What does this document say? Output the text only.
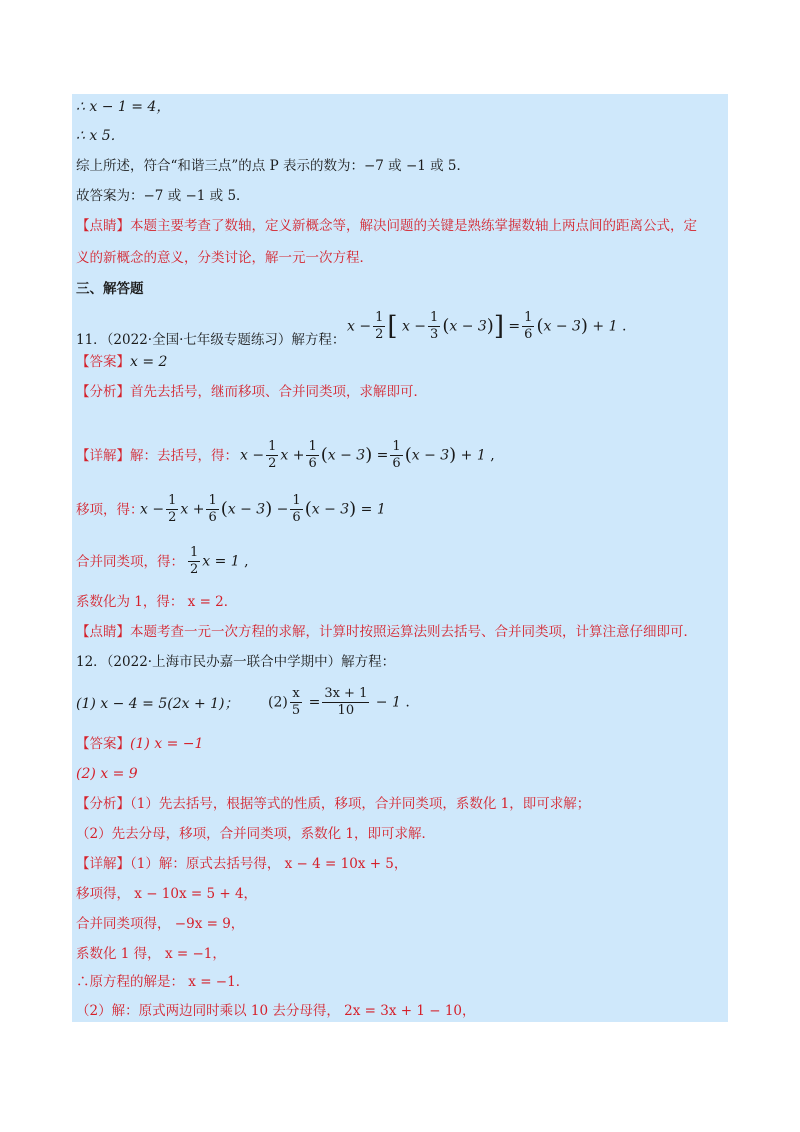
∴ x − 1 = 4，
∴ x 5．
综上所述，符合“和谐三点”的点 P 表示的数为：−7 或 −1 或 5．
故答案为：−7 或 −1 或 5．
【点睛】本题主要考查了数轴，定义新概念等，解决问题的关键是熟练掌握数轴上两点间的距离公式，定
义的新概念的意义，分类讨论，解一元一次方程．
三、解答题
11．（2022·全国·七年级专题练习）解方程：
$x - \frac{1}{2}$ [ $x - \frac{1}{3} (x - 3)] = \frac{1}{6} (x - 3) + 1$ .
【答案】x = 2
【分析】首先去括号，继而移项、合并同类项，求解即可．
【详解】解：去括号，得： $x - \frac{1}{2}$ $x + \frac{1}{6} (x - 3) = \frac{1}{6} (x - 3) + 1$ ,
移项，得：
$x - \frac{1}{2}$ $x + \frac{1}{6} (x - 3) - \frac{1}{6} (x - 3) = 1$
合并同类项，得： $\frac{1}{2}$ x = 1 ,
系数化为 1，得： x = 2．
【点睛】本题考查一元一次方程的求解，计算时按照运算法则去括号、合并同类项，计算注意仔细即可．
12．（2022·上海市民办嘉一联合中学期中）解方程：
(1) x − 4 = 5(2x + 1)； $(2) \frac{x}{5} = \frac{3x + 1}{10} - 1$ .
【答案】(1) x = −1
(2) x = 9
【分析】（1）先去括号，根据等式的性质，移项，合并同类项，系数化 1，即可求解；
（2）先去分母，移项，合并同类项，系数化 1，即可求解．
【详解】（1）解：原式去括号得， x − 4 = 10x + 5，
移项得， x − 10x = 5 + 4，
合并同类项得， −9x = 9，
系数化 1 得， x = −1，
∴原方程的解是： x = −1．
（2）解：原式两边同时乘以 10 去分母得， 2x = 3x + 1 − 10，
